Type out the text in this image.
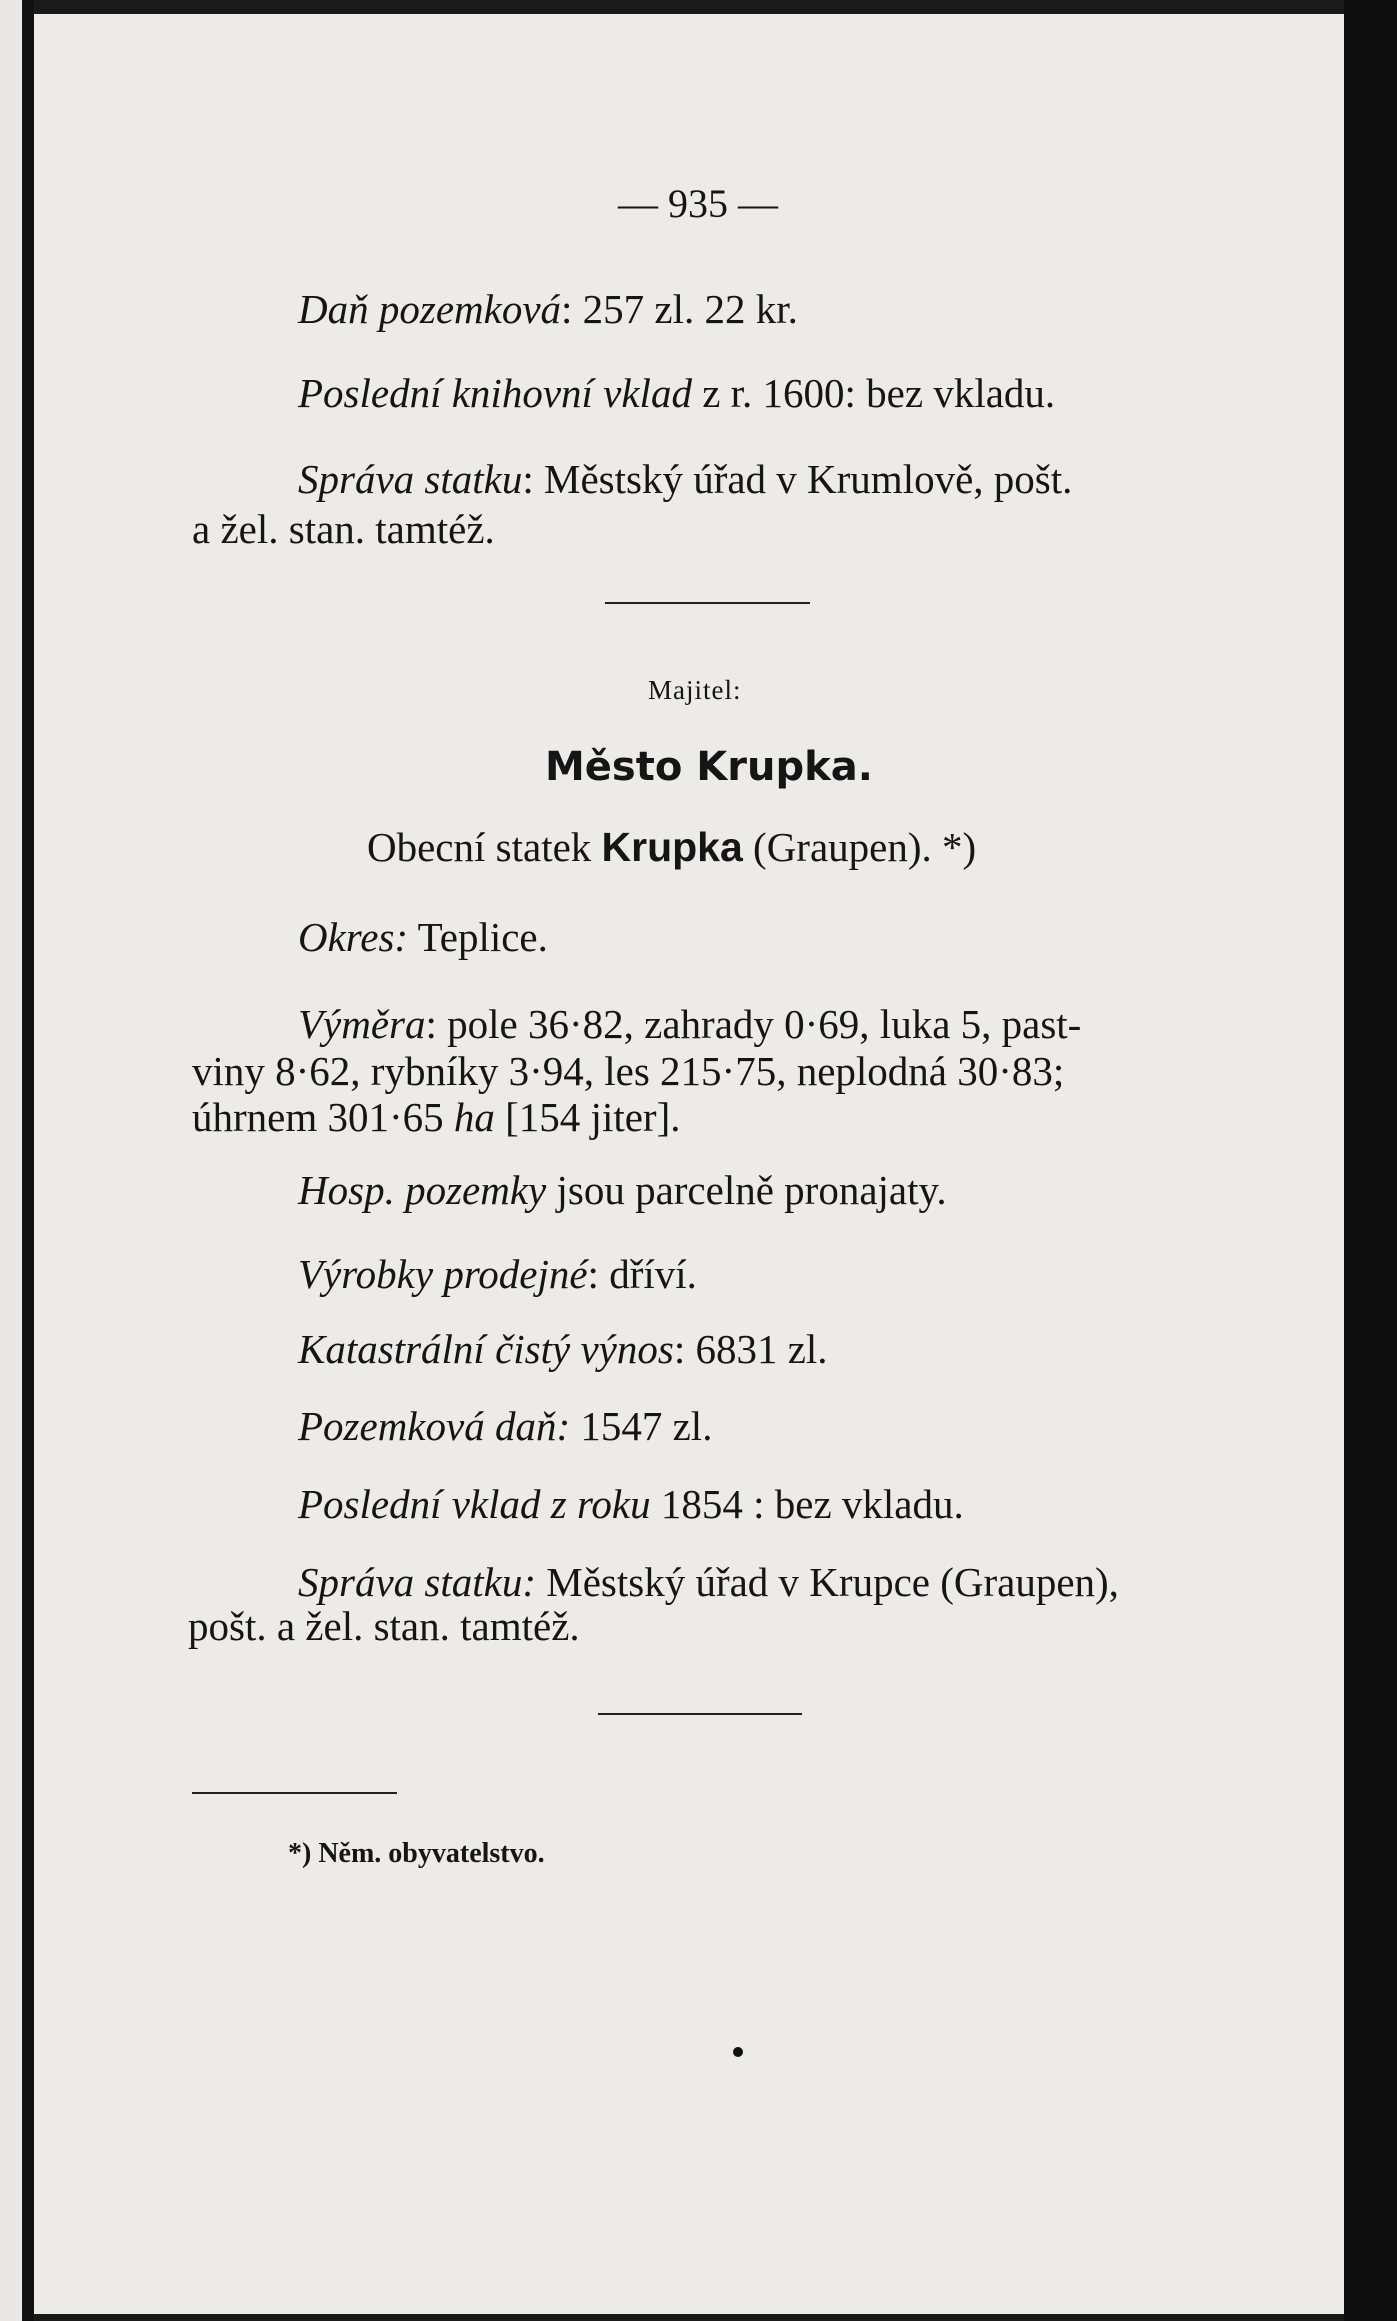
— 935 —
Daň pozemková: 257 zl. 22 kr.
Poslední knihovní vklad z r. 1600: bez vkladu.
Správa statku: Městský úřad v Krumlově, pošt.
a žel. stan. tamtéž.
Majitel:
Město Krupka.
Obecní statek Krupka (Graupen). *)
Okres: Teplice.
Výměra: pole 36·82, zahrady 0·69, luka 5, past-
viny 8·62, rybníky 3·94, les 215·75, neplodná 30·83;
úhrnem 301·65 ha [154 jiter].
Hosp. pozemky jsou parcelně pronajaty.
Výrobky prodejné: dříví.
Katastrální čistý výnos: 6831 zl.
Pozemková daň: 1547 zl.
Poslední vklad z roku 1854 : bez vkladu.
Správa statku: Městský úřad v Krupce (Graupen),
pošt. a žel. stan. tamtéž.
*) Něm. obyvatelstvo.
